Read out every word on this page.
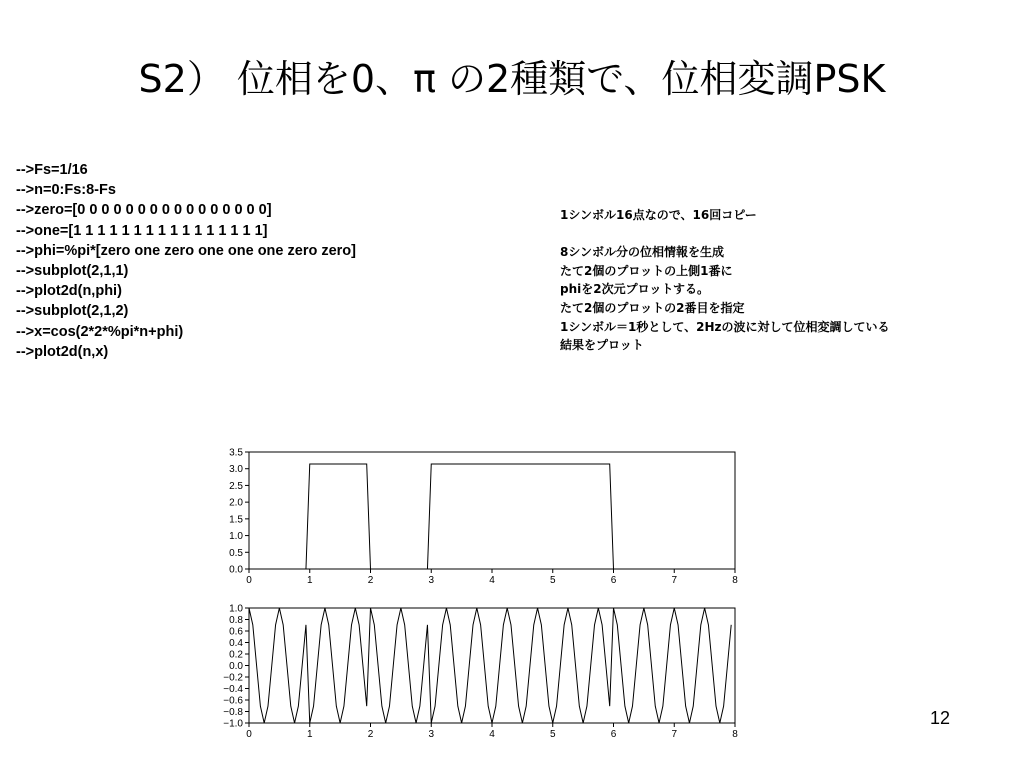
S2） 位相を0、π の2種類で、位相変調PSK
-->Fs=1/16
-->n=0:Fs:8-Fs
-->zero=[0 0 0 0 0 0 0 0 0 0 0 0 0 0 0 0]
-->one=[1 1 1 1 1 1 1 1 1 1 1 1 1 1 1 1]
-->phi=%pi*[zero one zero one one one zero zero]
-->subplot(2,1,1)
-->plot2d(n,phi)
-->subplot(2,1,2)
-->x=cos(2*2*%pi*n+phi)
-->plot2d(n,x)
1シンボル16点なので、16回コピー
8シンボル分の位相情報を生成
たて2個のプロットの上側1番に
phiを2次元プロットする。
たて2個のプロットの2番目を指定
1シンボル＝1秒として、2Hzの波に対して位相変調している
結果をプロット
0	1	2	3	4	5	6	7	8
0.0
0.5
1.0
1.5
2.0
2.5
3.0
3.5
0	1	2	3	4	5	6	7	8
1.0
0.8
0.6
0.4
0.2
0.0
−0.2
−0.4
−0.6
−0.8
−1.0	12
